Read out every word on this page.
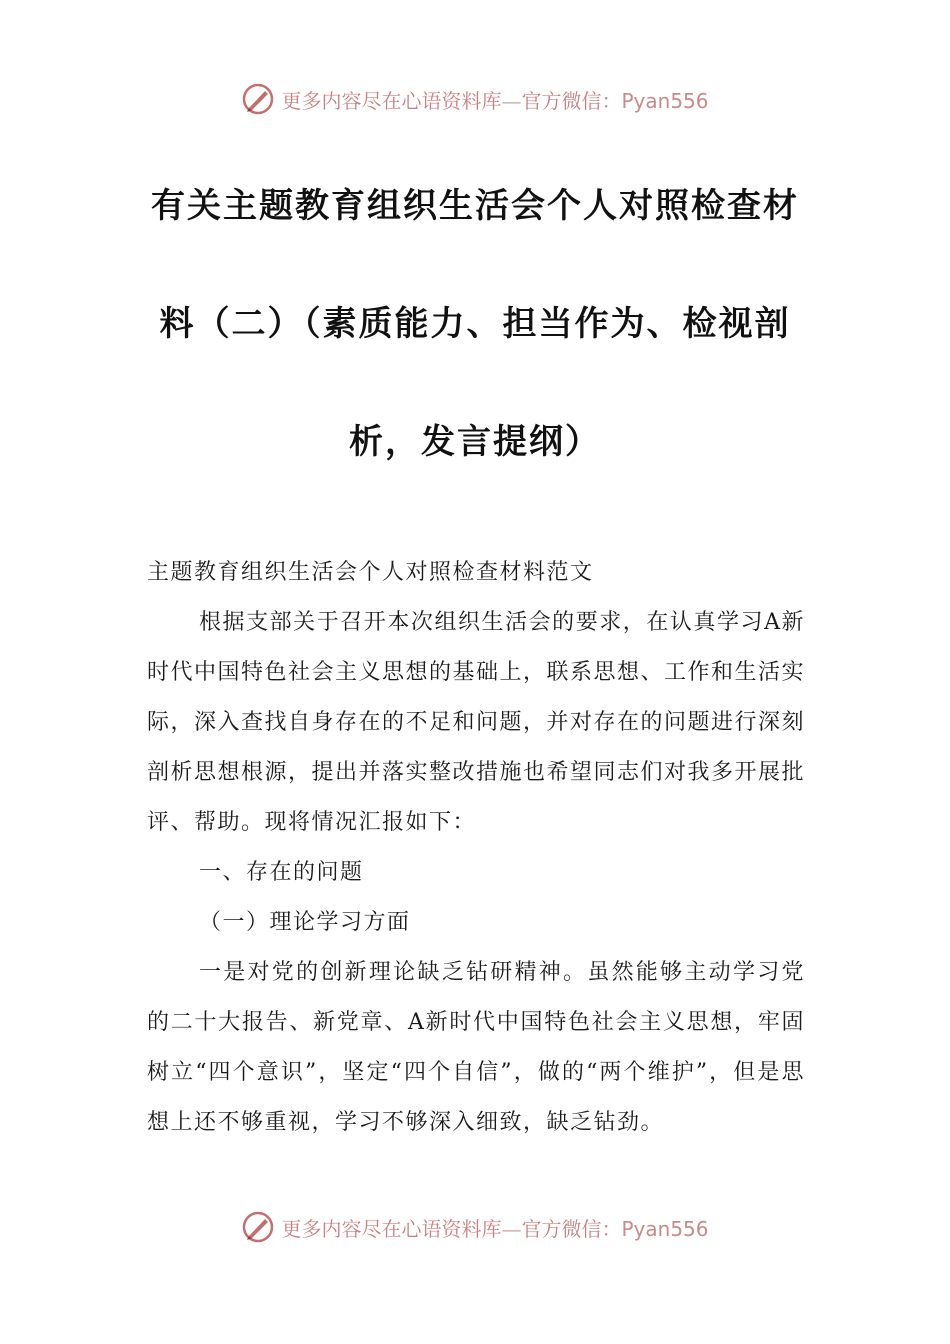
更多内容尽在心语资料库—官方微信：Pyan556
有关主题教育组织生活会个人对照检查材
料（二）（素质能力、担当作为、检视剖
析，发言提纲）

主题教育组织生活会个人对照检查材料范文

根据支部关于召开本次组织生活会的要求，在认真学习A新时代中国特色社会主义思想的基础上，联系思想、工作和生活实际，深入查找自身存在的不足和问题，并对存在的问题进行深刻剖析思想根源，提出并落实整改措施也希望同志们对我多开展批评、帮助。现将情况汇报如下：

一、存在的问题

（一）理论学习方面

一是对党的创新理论缺乏钻研精神。虽然能够主动学习党的二十大报告、新党章、A新时代中国特色社会主义思想，牢固树立“四个意识”，坚定“四个自信”，做的“两个维护”，但是思想上还不够重视，学习不够深入细致，缺乏钻劲。

更多内容尽在心语资料库—官方微信：Pyan556
